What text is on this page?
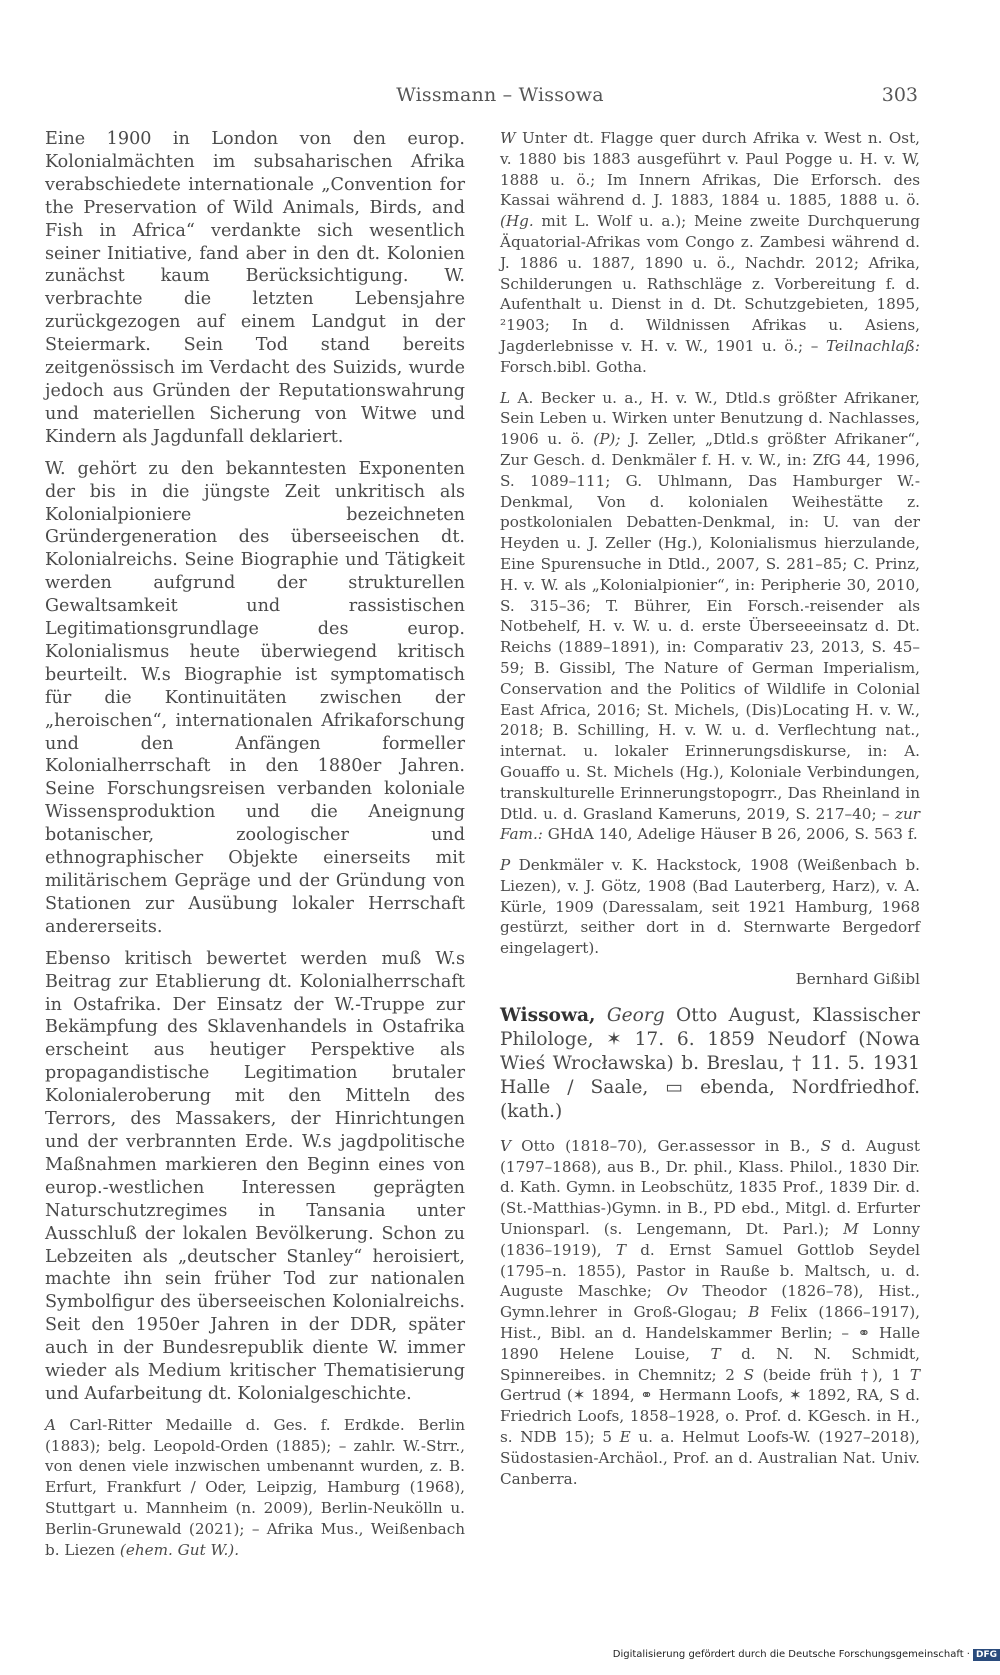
Wissmann – Wissowa	303

Eine 1900 in London von den europ. Kolonialmächten im subsaharischen Afrika verabschiedete internationale „Convention for the Preservation of Wild Animals, Birds, and Fish in Africa“ verdankte sich wesentlich seiner Initiative, fand aber in den dt. Kolonien zunächst kaum Berücksichtigung. W. verbrachte die letzten Lebensjahre zurückgezogen auf einem Landgut in der Steiermark. Sein Tod stand bereits zeitgenössisch im Verdacht des Suizids, wurde jedoch aus Gründen der Reputationswahrung und materiellen Sicherung von Witwe und Kindern als Jagdunfall deklariert.

W. gehört zu den bekanntesten Exponenten der bis in die jüngste Zeit unkritisch als Kolonialpioniere bezeichneten Gründergeneration des überseeischen dt. Kolonialreichs. Seine Biographie und Tätigkeit werden aufgrund der strukturellen Gewaltsamkeit und rassistischen Legitimationsgrundlage des europ. Kolonialismus heute überwiegend kritisch beurteilt. W.s Biographie ist symptomatisch für die Kontinuitäten zwischen der „heroischen“, internationalen Afrikaforschung und den Anfängen formeller Kolonialherrschaft in den 1880er Jahren. Seine Forschungsreisen verbanden koloniale Wissensproduktion und die Aneignung botanischer, zoologischer und ethnographischer Objekte einerseits mit militärischem Gepräge und der Gründung von Stationen zur Ausübung lokaler Herrschaft andererseits.

Ebenso kritisch bewertet werden muß W.s Beitrag zur Etablierung dt. Kolonialherrschaft in Ostafrika. Der Einsatz der W.-Truppe zur Bekämpfung des Sklavenhandels in Ostafrika erscheint aus heutiger Perspektive als propagandistische Legitimation brutaler Kolonialeroberung mit den Mitteln des Terrors, des Massakers, der Hinrichtungen und der verbrannten Erde. W.s jagdpolitische Maßnahmen markieren den Beginn eines von europ.-westlichen Interessen geprägten Naturschutzregimes in Tansania unter Ausschluß der lokalen Bevölkerung. Schon zu Lebzeiten als „deutscher Stanley“ heroisiert, machte ihn sein früher Tod zur nationalen Symbolfigur des überseeischen Kolonialreichs. Seit den 1950er Jahren in der DDR, später auch in der Bundesrepublik diente W. immer wieder als Medium kritischer Thematisierung und Aufarbeitung dt. Kolonialgeschichte.

A Carl-Ritter Medaille d. Ges. f. Erdkde. Berlin (1883); belg. Leopold-Orden (1885); – zahlr. W.-Strr., von denen viele inzwischen umbenannt wurden, z. B. Erfurt, Frankfurt / Oder, Leipzig, Hamburg (1968), Stuttgart u. Mannheim (n. 2009), Berlin-Neukölln u. Berlin-Grunewald (2021); – Afrika Mus., Weißenbach b. Liezen (ehem. Gut W.).

W Unter dt. Flagge quer durch Afrika v. West n. Ost, v. 1880 bis 1883 ausgeführt v. Paul Pogge u. H. v. W, 1888 u. ö.; Im Innern Afrikas, Die Erforsch. des Kassai während d. J. 1883, 1884 u. 1885, 1888 u. ö. (Hg. mit L. Wolf u. a.); Meine zweite Durchquerung Äquatorial-Afrikas vom Congo z. Zambesi während d. J. 1886 u. 1887, 1890 u. ö., Nachdr. 2012; Afrika, Schilderungen u. Rathschläge z. Vorbereitung f. d. Aufenthalt u. Dienst in d. Dt. Schutzgebieten, 1895, ²1903; In d. Wildnissen Afrikas u. Asiens, Jagderlebnisse v. H. v. W., 1901 u. ö.; – Teilnachlaß: Forsch.bibl. Gotha.

L A. Becker u. a., H. v. W., Dtld.s größter Afrikaner, Sein Leben u. Wirken unter Benutzung d. Nachlasses, 1906 u. ö. (P); J. Zeller, „Dtld.s größter Afrikaner“, Zur Gesch. d. Denkmäler f. H. v. W., in: ZfG 44, 1996, S. 1089–111; G. Uhlmann, Das Hamburger W.-Denkmal, Von d. kolonialen Weihestätte z. postkolonialen Debatten-Denkmal, in: U. van der Heyden u. J. Zeller (Hg.), Kolonialismus hierzulande, Eine Spurensuche in Dtld., 2007, S. 281–85; C. Prinz, H. v. W. als „Kolonialpionier“, in: Peripherie 30, 2010, S. 315–36; T. Bührer, Ein Forsch.-reisender als Notbehelf, H. v. W. u. d. erste Überseeeinsatz d. Dt. Reichs (1889–1891), in: Comparativ 23, 2013, S. 45–59; B. Gissibl, The Nature of German Imperialism, Conservation and the Politics of Wildlife in Colonial East Africa, 2016; St. Michels, (Dis)Locating H. v. W., 2018; B. Schilling, H. v. W. u. d. Verflechtung nat., internat. u. lokaler Erinnerungsdiskurse, in: A. Gouaffo u. St. Michels (Hg.), Koloniale Verbindungen, transkulturelle Erinnerungstopogrr., Das Rheinland in Dtld. u. d. Grasland Kameruns, 2019, S. 217–40; – zur Fam.: GHdA 140, Adelige Häuser B 26, 2006, S. 563 f.

P Denkmäler v. K. Hackstock, 1908 (Weißenbach b. Liezen), v. J. Götz, 1908 (Bad Lauterberg, Harz), v. A. Kürle, 1909 (Daressalam, seit 1921 Hamburg, 1968 gestürzt, seither dort in d. Sternwarte Bergedorf eingelagert).

Bernhard Gißibl

Wissowa, Georg Otto August, Klassischer Philologe, ✶ 17. 6. 1859 Neudorf (Nowa Wieś Wrocławska) b. Breslau, † 11. 5. 1931 Halle / Saale, ▭ ebenda, Nordfriedhof. (kath.)

V Otto (1818–70), Ger.assessor in B., S d. August (1797–1868), aus B., Dr. phil., Klass. Philol., 1830 Dir. d. Kath. Gymn. in Leobschütz, 1835 Prof., 1839 Dir. d. (St.-Matthias-)Gymn. in B., PD ebd., Mitgl. d. Erfurter Unionsparl. (s. Lengemann, Dt. Parl.); M Lonny (1836–1919), T d. Ernst Samuel Gottlob Seydel (1795–n. 1855), Pastor in Rauße b. Maltsch, u. d. Auguste Maschke; Ov Theodor (1826–78), Hist., Gymn.lehrer in Groß-Glogau; B Felix (1866–1917), Hist., Bibl. an d. Handelskammer Berlin; – ⚭ Halle 1890 Helene Louise, T d. N. N. Schmidt, Spinnereibes. in Chemnitz; 2 S (beide früh †), 1 T Gertrud (✶ 1894, ⚭ Hermann Loofs, ✶ 1892, RA, S d. Friedrich Loofs, 1858–1928, o. Prof. d. KGesch. in H., s. NDB 15); 5 E u. a. Helmut Loofs-W. (1927–2018), Südostasien-Archäol., Prof. an d. Australian Nat. Univ. Canberra.

Digitalisierung gefördert durch die Deutsche Forschungsgemeinschaft · DFG
